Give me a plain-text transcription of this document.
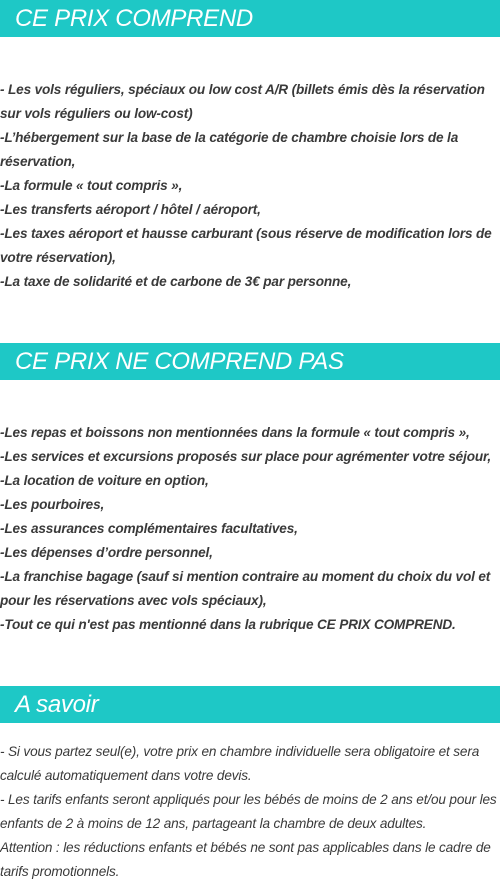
CE PRIX COMPREND
- Les vols réguliers, spéciaux ou low cost A/R (billets émis dès la réservation sur vols réguliers ou low-cost)
-L’hébergement sur la base de la catégorie de chambre choisie lors de la réservation,
-La formule « tout compris »,
-Les transferts aéroport / hôtel / aéroport,
-Les taxes aéroport et hausse carburant (sous réserve de modification lors de votre réservation),
-La taxe de solidarité et de carbone de 3€ par personne,
CE PRIX NE COMPREND PAS
-Les repas et boissons non mentionnées dans la formule « tout compris »,
-Les services et excursions proposés sur place pour agrémenter votre séjour,
-La location de voiture en option,
-Les pourboires,
-Les assurances complémentaires facultatives,
-Les dépenses d’ordre personnel,
-La franchise bagage (sauf si mention contraire au moment du choix du vol et pour les réservations avec vols spéciaux),
-Tout ce qui n'est pas mentionné dans la rubrique CE PRIX COMPREND.
A savoir
- Si vous partez seul(e), votre prix en chambre individuelle sera obligatoire et sera calculé automatiquement dans votre devis.
- Les tarifs enfants seront appliqués pour les bébés de moins de 2 ans et/ou pour les enfants de 2 à moins de 12 ans, partageant la chambre de deux adultes.
Attention : les réductions enfants et bébés ne sont pas applicables dans le cadre de tarifs promotionnels.
